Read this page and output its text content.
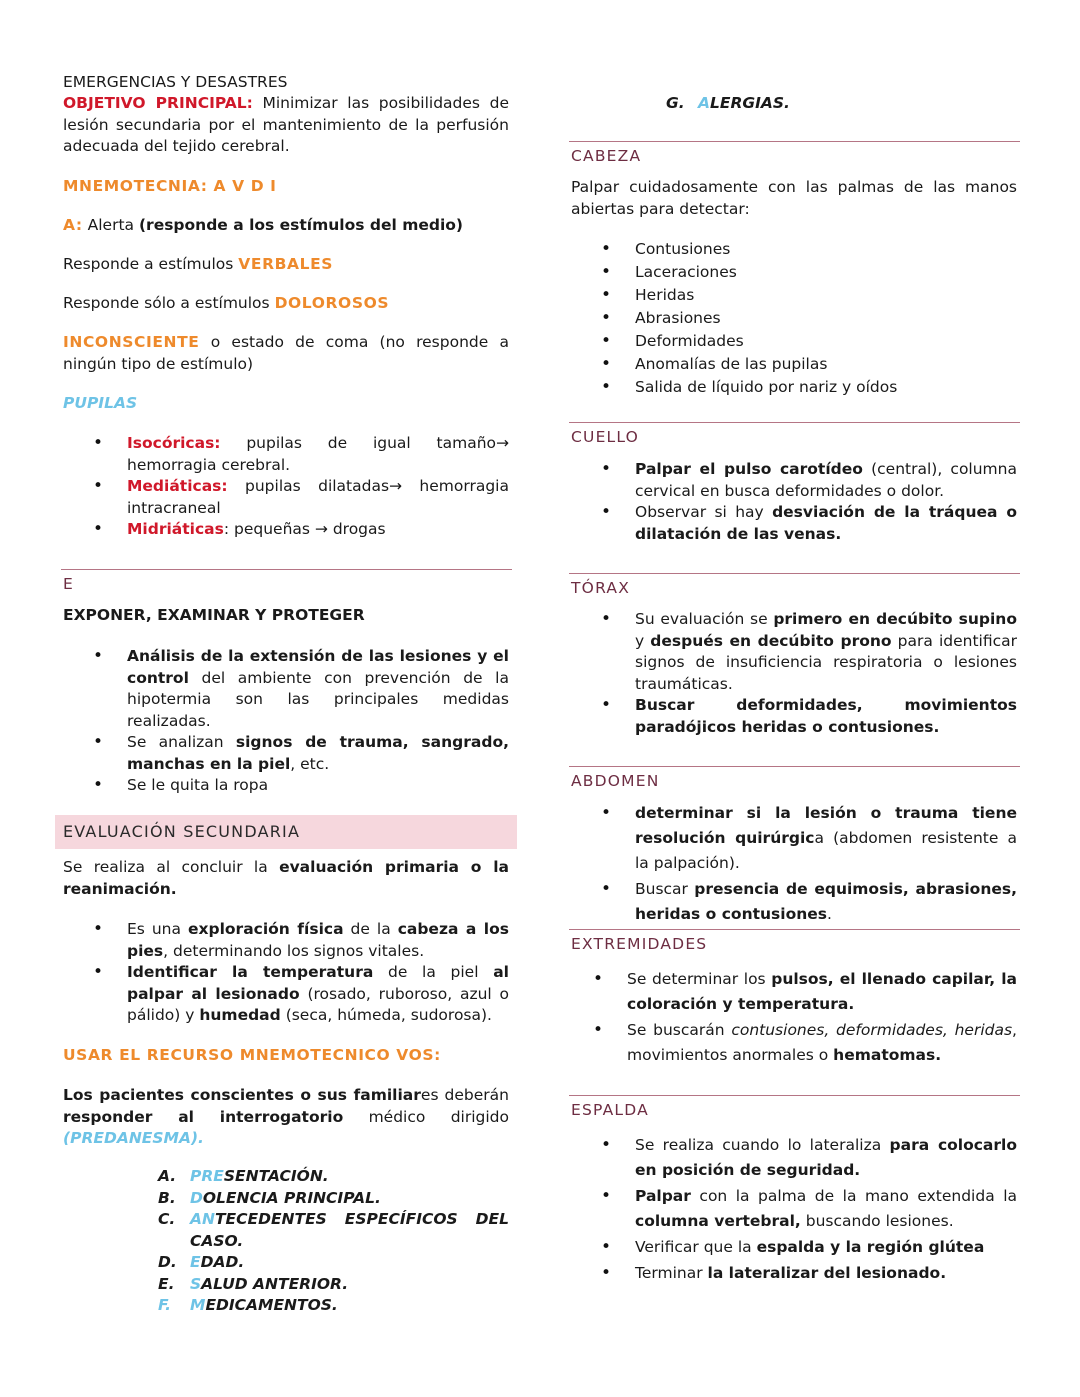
EMERGENCIAS Y DESASTRES
OBJETIVO PRINCIPAL: Minimizar las posibilidades de lesión secundaria por el mantenimiento de la perfusión adecuada del tejido cerebral.
MNEMOTECNIA: A V D I
A: Alerta (responde a los estímulos del medio)
Responde a estímulos VERBALES
Responde sólo a estímulos DOLOROSOS
INCONSCIENTE o estado de coma (no responde a ningún tipo de estímulo)
PUPILAS
• Isocóricas: pupilas de igual tamaño→ hemorragia cerebral.
• Mediáticas: pupilas dilatadas→ hemorragia intracraneal
• Midriáticas: pequeñas → drogas
E
EXPONER, EXAMINAR Y PROTEGER
• Análisis de la extensión de las lesiones y el control del ambiente con prevención de la hipotermia son las principales medidas realizadas.
• Se analizan signos de trauma, sangrado, manchas en la piel, etc.
• Se le quita la ropa
EVALUACIÓN SECUNDARIA
Se realiza al concluir la evaluación primaria o la reanimación.
• Es una exploración física de la cabeza a los pies, determinando los signos vitales.
• Identificar la temperatura de la piel al palpar al lesionado (rosado, ruboroso, azul o pálido) y humedad (seca, húmeda, sudorosa).
USAR EL RECURSO MNEMOTECNICO VOS:
Los pacientes conscientes o sus familiares deberán responder al interrogatorio médico dirigido (PREDANESMA).
A. PRESENTACIÓN.
B. DOLENCIA PRINCIPAL.
C. ANTECEDENTES ESPECÍFICOS DEL CASO.
D. EDAD.
E. SALUD ANTERIOR.
F. MEDICAMENTOS.
G. ALERGIAS.
CABEZA
Palpar cuidadosamente con las palmas de las manos abiertas para detectar:
• Contusiones
• Laceraciones
• Heridas
• Abrasiones
• Deformidades
• Anomalías de las pupilas
• Salida de líquido por nariz y oídos
CUELLO
• Palpar el pulso carotídeo (central), columna cervical en busca deformidades o dolor.
• Observar si hay desviación de la tráquea o dilatación de las venas.
TÓRAX
• Su evaluación se primero en decúbito supino y después en decúbito prono para identificar signos de insuficiencia respiratoria o lesiones traumáticas.
• Buscar deformidades, movimientos paradójicos heridas o contusiones.
ABDOMEN
• determinar si la lesión o trauma tiene resolución quirúrgica (abdomen resistente a la palpación).
• Buscar presencia de equimosis, abrasiones, heridas o contusiones.
EXTREMIDADES
• Se determinar los pulsos, el llenado capilar, la coloración y temperatura.
• Se buscarán contusiones, deformidades, heridas, movimientos anormales o hematomas.
ESPALDA
• Se realiza cuando lo lateraliza para colocarlo en posición de seguridad.
• Palpar con la palma de la mano extendida la columna vertebral, buscando lesiones.
• Verificar que la espalda y la región glútea
• Terminar la lateralizar del lesionado.
